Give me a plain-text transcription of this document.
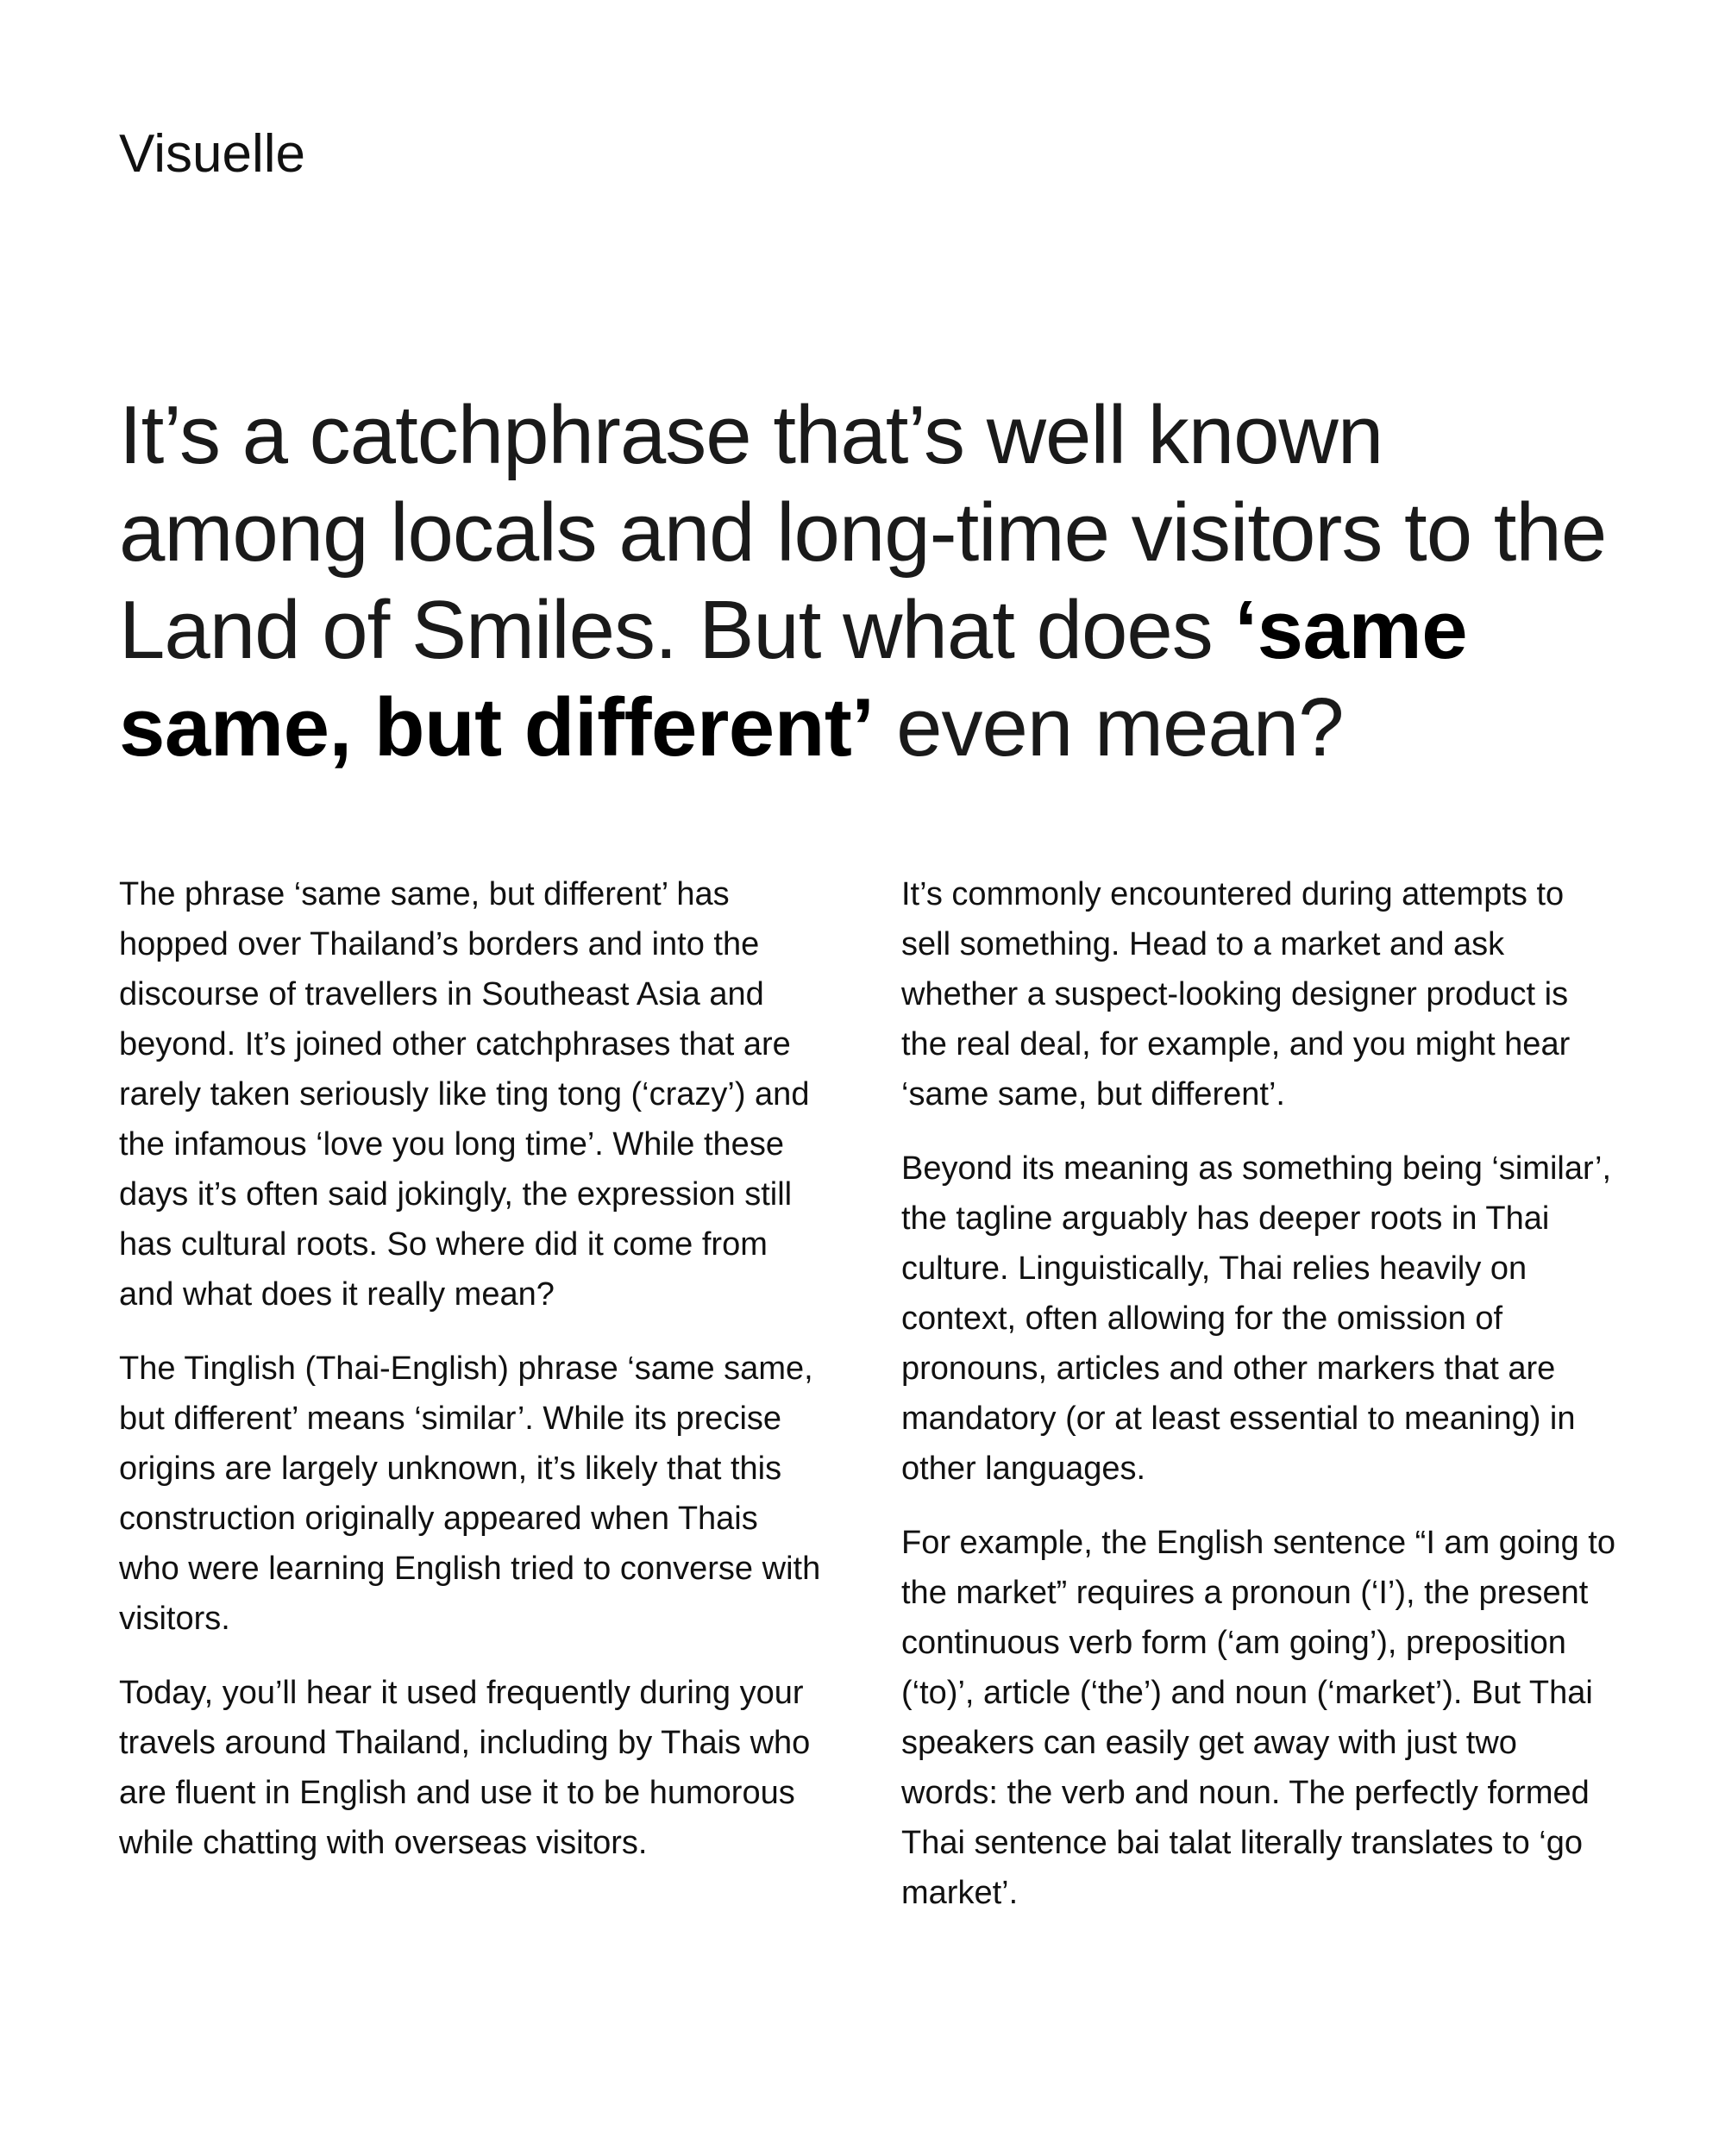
Visuelle
It’s a catchphrase that’s well known among locals and long-time visitors to the Land of Smiles. But what does ‘same same, but different’ even mean?

The phrase ‘same same, but different’ has hopped over Thailand’s borders and into the discourse of travellers in Southeast Asia and beyond. It’s joined other catchphrases that are rarely taken seriously like ting tong (‘crazy’) and the infamous ‘love you long time’. While these days it’s often said jokingly, the expression still has cultural roots. So where did it come from and what does it really mean?

The Tinglish (Thai-English) phrase ‘same same, but different’ means ‘similar’. While its precise origins are largely unknown, it’s likely that this construction originally appeared when Thais who were learning English tried to converse with visitors.

Today, you’ll hear it used frequently during your travels around Thailand, including by Thais who are fluent in English and use it to be humorous while chatting with overseas visitors.

It’s commonly encountered during attempts to sell something. Head to a market and ask whether a suspect-looking designer product is the real deal, for example, and you might hear ‘same same, but different’.

Beyond its meaning as something being ‘similar’, the tagline arguably has deeper roots in Thai culture. Linguistically, Thai relies heavily on context, often allowing for the omission of pronouns, articles and other markers that are mandatory (or at least essential to meaning) in other languages.

For example, the English sentence “I am going to the market” requires a pronoun (‘I’), the present continuous verb form (‘am going’), preposition (‘to)’, article (‘the’) and noun (‘market’). But Thai speakers can easily get away with just two words: the verb and noun. The perfectly formed Thai sentence bai talat literally translates to ‘go market’.
